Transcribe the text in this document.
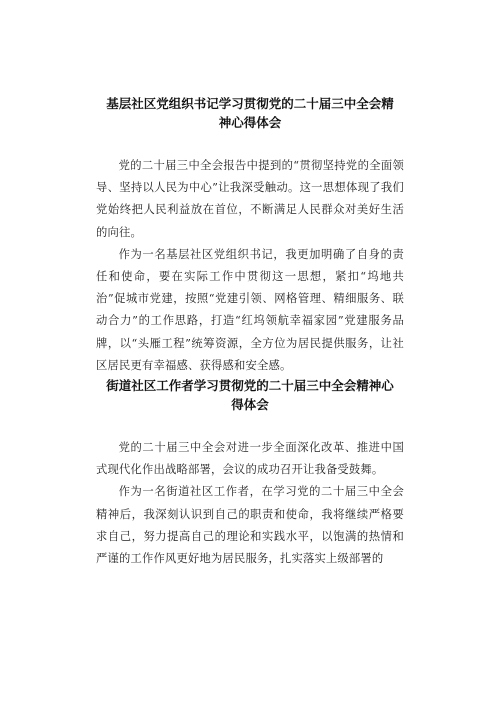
基层社区党组织书记学习贯彻党的二十届三中全会精
神心得体会

党的二十届三中全会报告中提到的“贯彻坚持党的全面领导、坚持以人民为中心”让我深受触动。这一思想体现了我们党始终把人民利益放在首位，不断满足人民群众对美好生活的向往。

作为一名基层社区党组织书记，我更加明确了自身的责任和使命，要在实际工作中贯彻这一思想，紧扣“坞地共治”促城市党建，按照“党建引领、网格管理、精细服务、联动合力”的工作思路，打造“红坞领航幸福家园”党建服务品牌，以“头雁工程”统筹资源，全方位为居民提供服务，让社区居民更有幸福感、获得感和安全感。

街道社区工作者学习贯彻党的二十届三中全会精神心
得体会

党的二十届三中全会对进一步全面深化改革、推进中国式现代化作出战略部署，会议的成功召开让我备受鼓舞。

作为一名街道社区工作者，在学习党的二十届三中全会精神后，我深刻认识到自己的职责和使命，我将继续严格要求自己，努力提高自己的理论和实践水平，以饱满的热情和严谨的工作作风更好地为居民服务，扎实落实上级部署的
